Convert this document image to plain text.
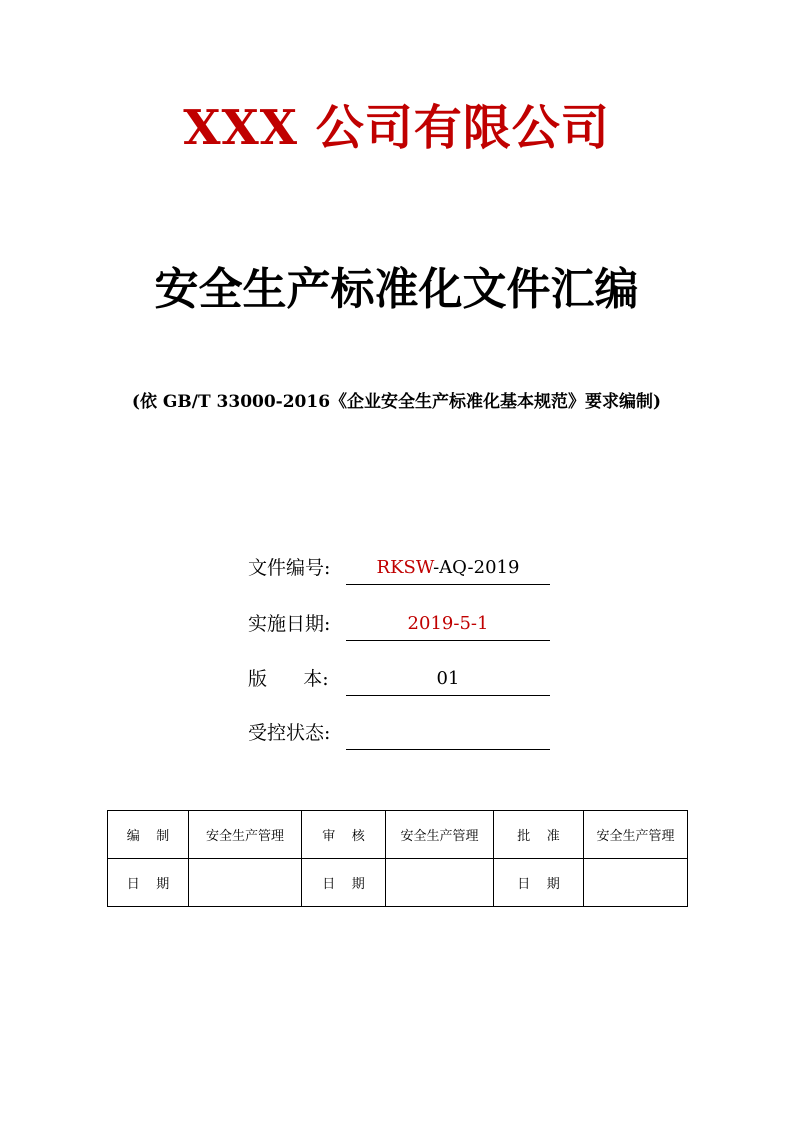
XXX 公司有限公司
安全生产标准化文件汇编
(依 GB/T 33000-2016《企业安全生产标准化基本规范》要求编制)
文件编号:	RKSW-AQ-2019
实施日期:	2019-5-1
版      本:	01
受控状态:
编    制	安全生产管理	审    核	安全生产管理	批    准	安全生产管理
日    期		日    期		日    期	
